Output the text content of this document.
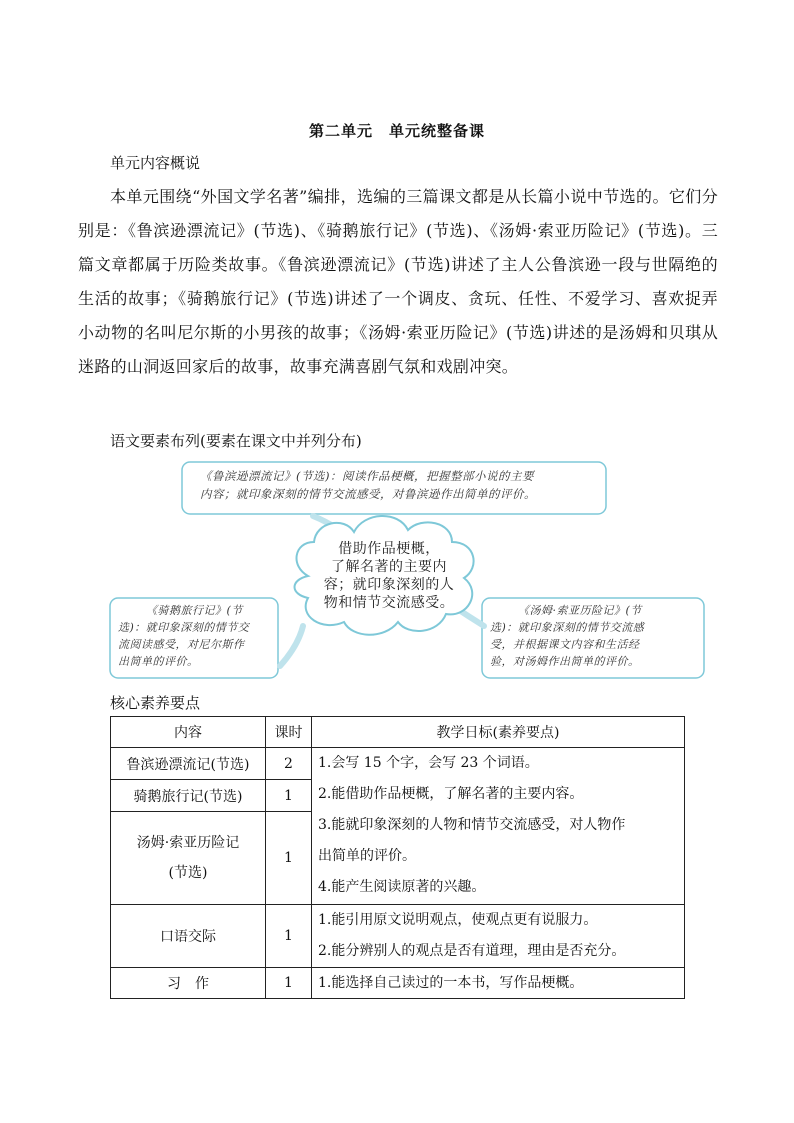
第二单元　单元统整备课
单元内容概说
本单元围绕“外国文学名著”编排，选编的三篇课文都是从长篇小说中节选的。它们分别是：《鲁滨逊漂流记》(节选)、《骑鹅旅行记》(节选)、《汤姆·索亚历险记》(节选)。三篇文章都属于历险类故事。《鲁滨逊漂流记》(节选)讲述了主人公鲁滨逊一段与世隔绝的生活的故事；《骑鹅旅行记》(节选)讲述了一个调皮、贪玩、任性、不爱学习、喜欢捉弄小动物的名叫尼尔斯的小男孩的故事；《汤姆·索亚历险记》(节选)讲述的是汤姆和贝琪从迷路的山洞返回家后的故事，故事充满喜剧气氛和戏剧冲突。
语文要素布列(要素在课文中并列分布)
《鲁滨逊漂流记》(节选)：阅读作品梗概，把握整部小说的主要
内容；就印象深刻的情节交流感受，对鲁滨逊作出简单的评价。
借助作品梗概，
了解名著的主要内
容；就印象深刻的人
物和情节交流感受。
《骑鹅旅行记》(节
选)：就印象深刻的情节交
流阅读感受，对尼尔斯作
出简单的评价。
《汤姆·索亚历险记》(节
选)：就印象深刻的情节交流感
受，并根据课文内容和生活经
验，对汤姆作出简单的评价。
核心素养要点
内容	课时	教学日标(素养要点)
鲁滨逊漂流记(节选)	2	1.会写 15 个字，会写 23 个词语。
2.能借助作品梗概，了解名著的主要内容。
3.能就印象深刻的人物和情节交流感受，对人物作
出简单的评价。
4.能产生阅读原著的兴趣。

骑鹅旅行记(节选)	1	

汤姆·索亚历险记
(节选)	1	
口语交际	1	1.能引用原文说明观点，使观点更有说服力。
2.能分辨别人的观点是否有道理，理由是否充分。

习　作	1	1.能选择自己读过的一本书，写作品梗概。
